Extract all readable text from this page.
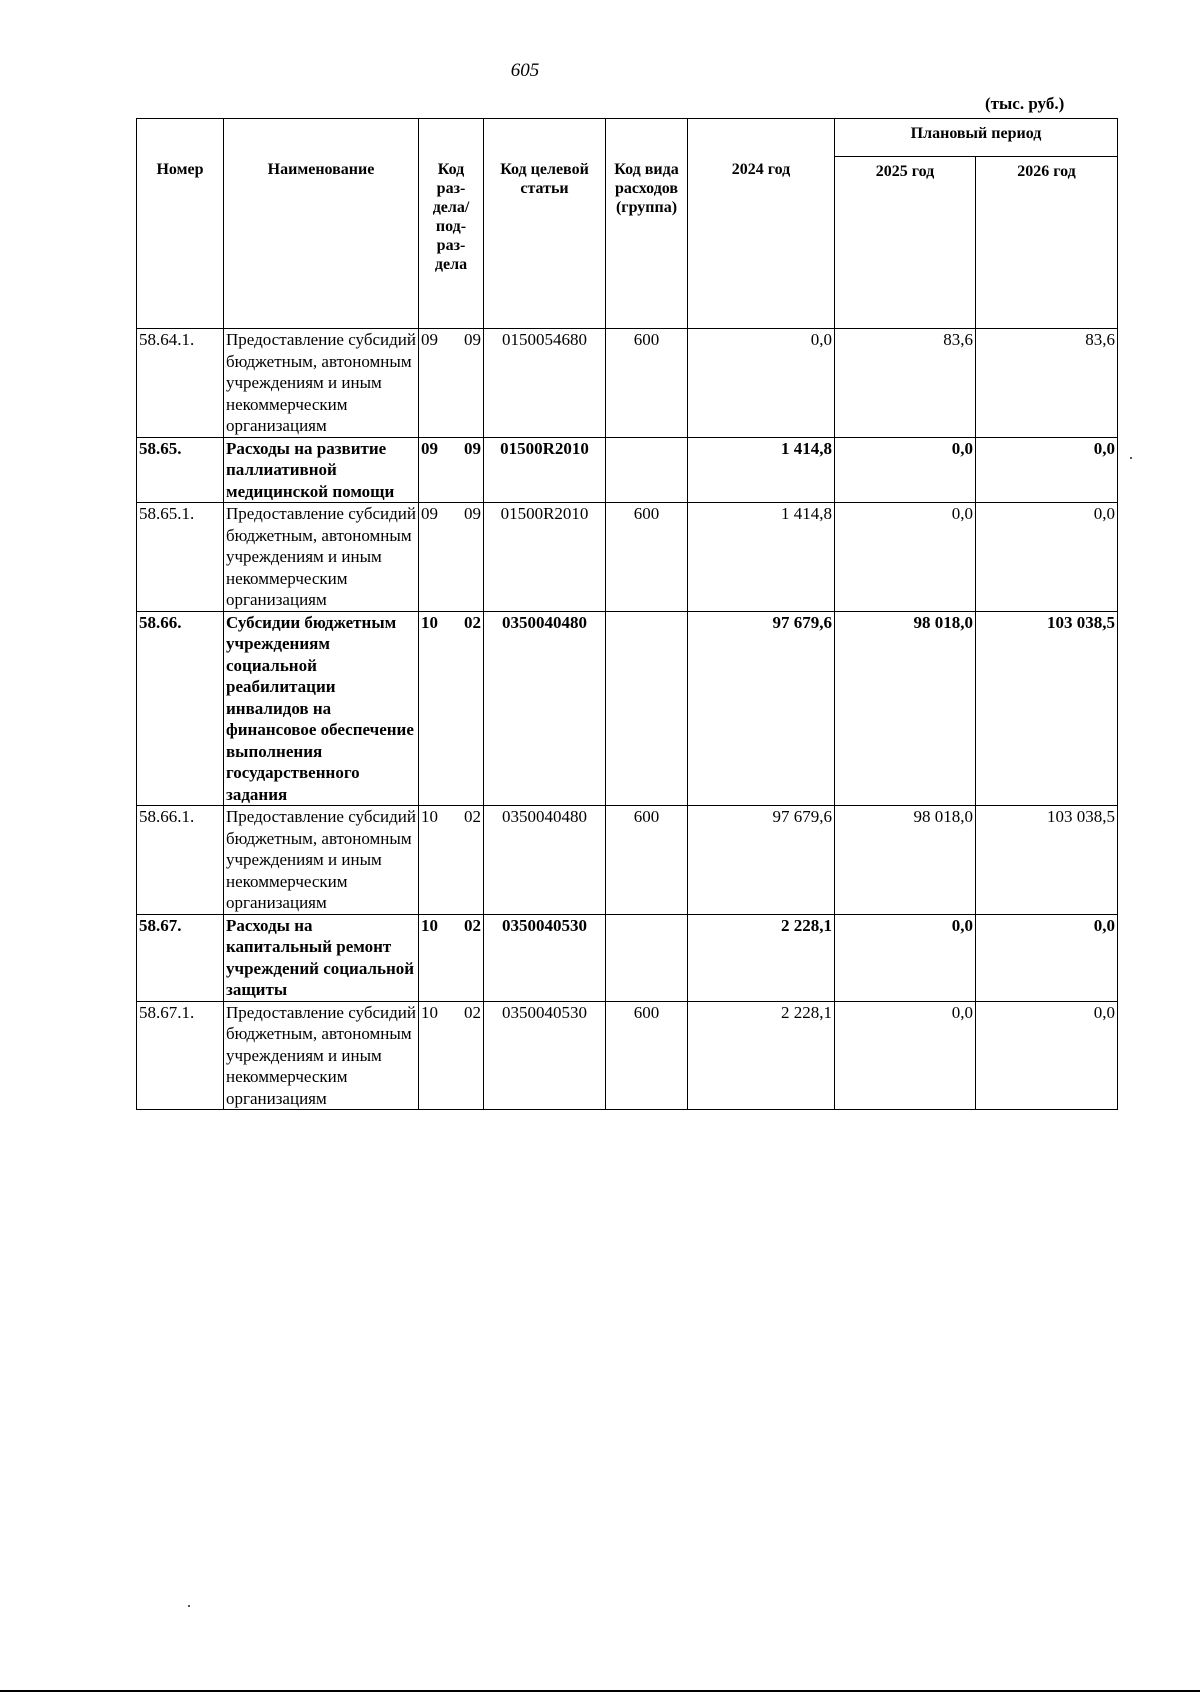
605
(тыс. руб.)
Номер	Наименование	Код раз- дела/ под- раз- дела	Код целевой статьи	Код вида расходов (группа)	2024 год	Плановый период	
						2025 год	2026 год
58.64.1.	Предоставление субсидий бюджетным, автономным учреждениям и иным некоммерческим организациям	09 09	0150054680	600	0,0	83,6	83,6
58.65.	Расходы на развитие паллиативной медицинской помощи	09 09	01500R2010		1 414,8	0,0	0,0
58.65.1.	Предоставление субсидий бюджетным, автономным учреждениям и иным некоммерческим организациям	09 09	01500R2010	600	1 414,8	0,0	0,0
58.66.	Субсидии бюджетным учреждениям социальной реабилитации инвалидов на финансовое обеспечение выполнения государственного задания	10 02	0350040480		97 679,6	98 018,0	103 038,5
58.66.1.	Предоставление субсидий бюджетным, автономным учреждениям и иным некоммерческим организациям	10 02	0350040480	600	97 679,6	98 018,0	103 038,5
58.67.	Расходы на капитальный ремонт учреждений социальной защиты	10 02	0350040530		2 228,1	0,0	0,0
58.67.1.	Предоставление субсидий бюджетным, автономным учреждениям и иным некоммерческим организациям	10 02	0350040530	600	2 228,1	0,0	0,0
